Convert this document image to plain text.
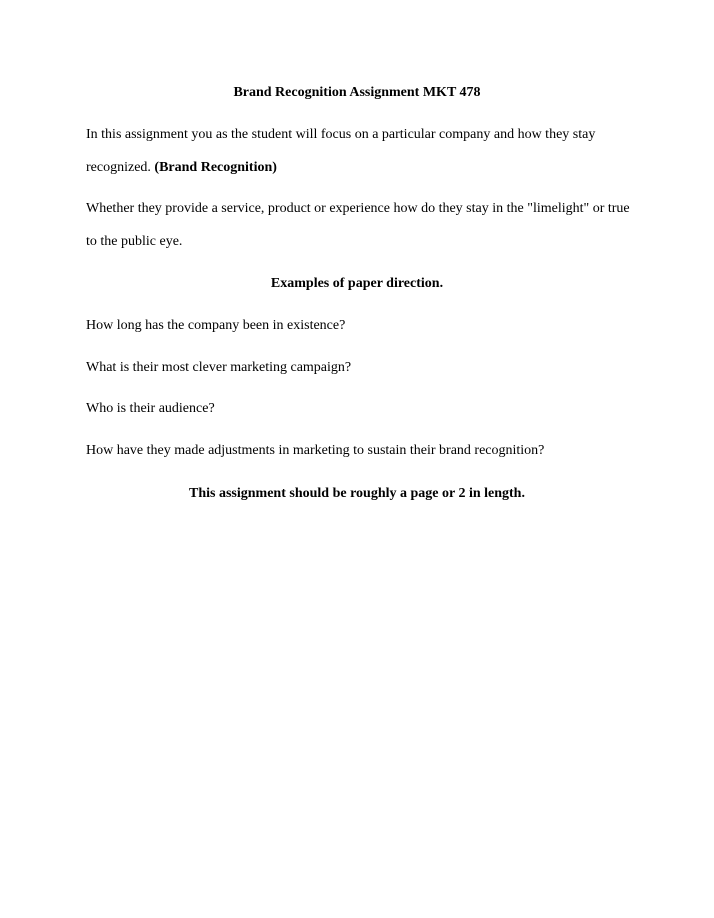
Brand Recognition Assignment MKT 478
In this assignment you as the student will focus on a particular company and how they stay
recognized. (Brand Recognition)
Whether they provide a service, product or experience how do they stay in the "limelight" or true
to the public eye.
Examples of paper direction.
How long has the company been in existence?
What is their most clever marketing campaign?
Who is their audience?
How have they made adjustments in marketing to sustain their brand recognition?
This assignment should be roughly a page or 2 in length.
